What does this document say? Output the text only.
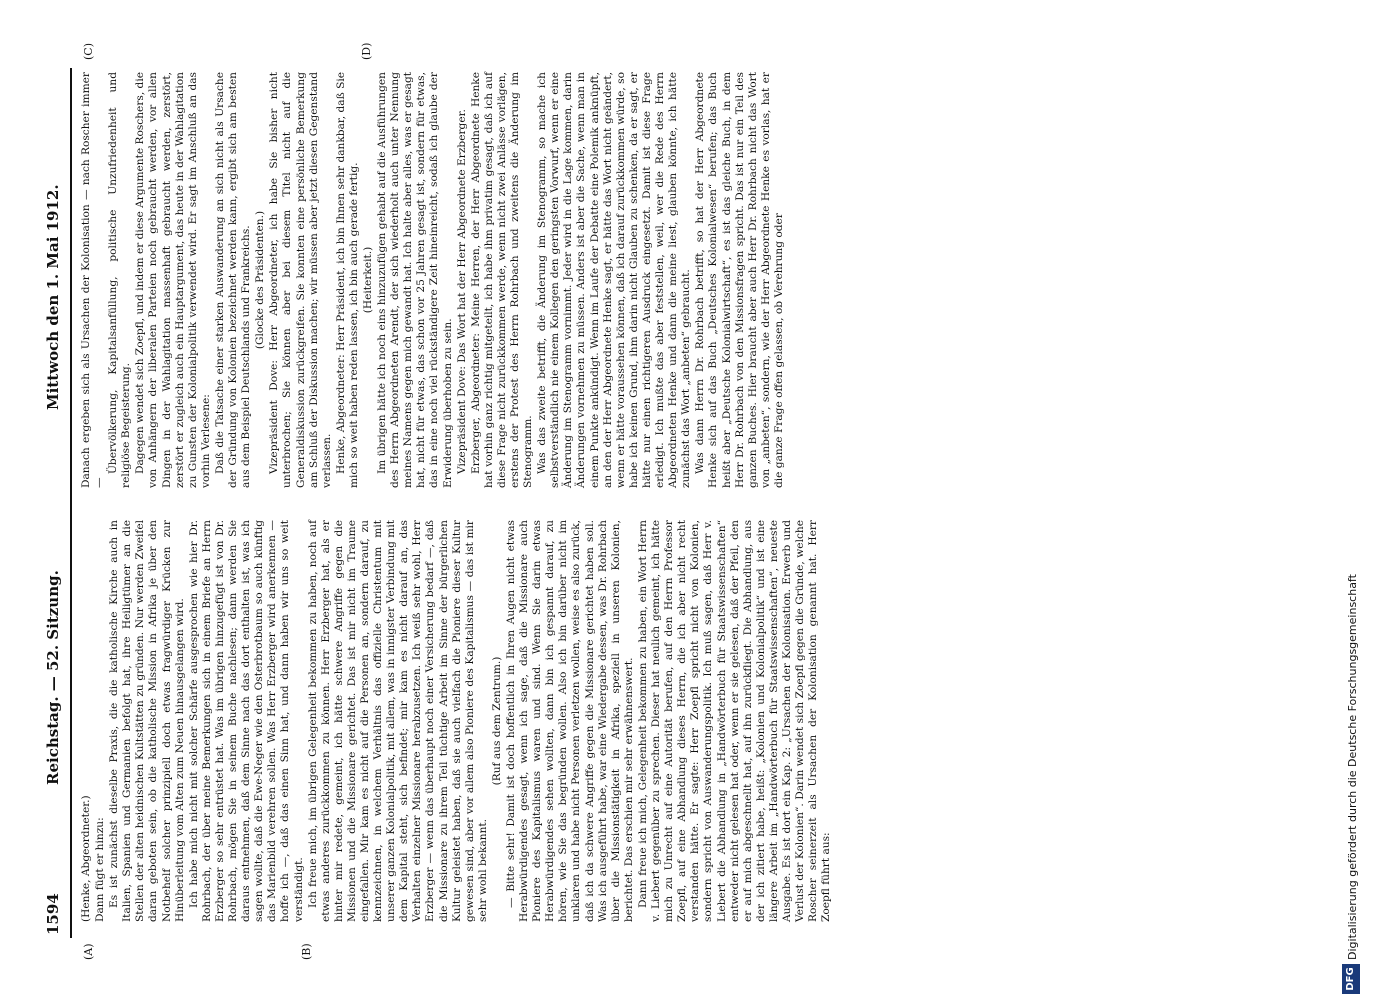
1594
Reichstag. — 52. Sitzung.
Mittwoch den 1. Mai 1912.
(A)	(B)
(C)	(D)

(Henke, Abgeordneter.) Dann fügt er hinzu: Es ist zunächst dieselbe Praxis, die die katholische Kirche auch in Italien, Spanien und Germanien befolgt hat, ihre Heiligtümer an die Stellen der alten heidnischen Kultstätten zu gründen. Nur werden Zweifel daran geboten sein, ob die katholische Mission in Afrika je über den Notbehelf solcher prinzipiell doch etwas fragwürdiger Krücken zur Hinüberleitung vom Alten zum Neuen hinausgelangen wird. Ich habe mich nicht mit solcher Schärfe ausgesprochen wie hier Dr. Rohrbach, der über meine Bemerkungen sich in einem Briefe an Herrn Erzberger so sehr entrüstet hat. Was im übrigen hinzugefügt ist von Dr. Rohrbach, mögen Sie in seinem Buche nachlesen; dann werden Sie daraus entnehmen, daß dem Sinne nach das dort enthalten ist, was ich sagen wollte, daß die Ewe-Neger wie den Osterbrotbaum so auch künftig das Marienbild verehren sollen. Was Herr Erzberger wird anerkennen — hoffe ich —, daß das einen Sinn hat, und dann haben wir uns so weit verständigt. Ich freue mich, im übrigen Gelegenheit bekommen zu haben, noch auf etwas anderes zurückkommen zu können. Herr Erzberger hat, als er hinter mir redete, gemeint, ich hätte schwere Angriffe gegen die Missionen und die Missionare gerichtet. Das ist mir nicht im Traume eingefallen. Mir kam es nicht auf die Personen an, sondern darauf, zu kennzeichnen, in welchem Verhältnis das offizielle Christentum mit unserer ganzen Kolonialpolitik, mit allem, was in innigster Verbindung mit dem Kapital steht, sich befindet; mir kam es nicht darauf an, das Verhalten einzelner Missionare herabzusetzen. Ich weiß sehr wohl, Herr Erzberger — wenn das überhaupt noch einer Versicherung bedarf —, daß die Missionare zu ihrem Teil tüchtige Arbeit im Sinne der bürgerlichen Kultur geleistet haben, daß sie auch vielfach die Pioniere dieser Kultur gewesen sind, aber vor allem also Pioniere des Kapitalismus — das ist mir sehr wohl bekannt.

(Ruf aus dem Zentrum.) — Bitte sehr! Damit ist doch hoffentlich in Ihren Augen nicht etwas Herabwürdigendes gesagt, wenn ich sage, daß die Missionare auch Pioniere des Kapitalismus waren und sind. Wenn Sie darin etwas Herabwürdigendes sehen wollten, dann bin ich gespannt darauf, zu hören, wie Sie das begründen wollen. Also ich bin darüber nicht im unklaren und habe nicht Personen verletzen wollen, weise es also zurück, daß ich da schwere Angriffe gegen die Missionare gerichtet haben soll. Was ich ausgeführt habe, war eine Wiedergabe dessen, was Dr. Rohrbach über die Missionstätigkeit in Afrika, speziell in unseren Kolonien, berichtet. Das erschien mir sehr erwähnenswert. Dann freue ich mich, Gelegenheit bekommen zu haben, ein Wort Herrn v. Liebert gegenüber zu sprechen. Dieser hat neulich gemeint, ich hätte mich zu Unrecht auf eine Autorität berufen, auf den Herrn Professor Zoepfl, auf eine Abhandlung dieses Herrn, die ich aber nicht recht verstanden hätte. Er sagte: Herr Zoepfl spricht nicht von Kolonien, sondern spricht von Auswanderungspolitik. Ich muß sagen, daß Herr v. Liebert die Abhandlung in „Handwörterbuch für Staatswissenschaften“ entweder nicht gelesen hat oder, wenn er sie gelesen, daß der Pfeil, den er auf mich abgeschnellt hat, auf ihn zurückfliegt. Die Abhandlung, aus der ich zitiert habe, heißt: „Kolonien und Kolonialpolitik“ und ist eine längere Arbeit im „Handwörterbuch für Staatswissenschaften“, neueste Ausgabe. Es ist dort ein Kap. 2: „Ursachen der Kolonisation. Erwerb und Verlust der Kolonien“. Darin wendet sich Zoepfl gegen die Gründe, welche Roscher seinerzeit als Ursachen der Kolonisation genannt hat. Herr Zoepfl führt aus:

Danach ergeben sich als Ursachen der Kolonisation — nach Roscher immer —

Übervölkerung, Kapitalsanfüllung, politische Unzufriedenheit und religiöse Begeisterung. Dagegen wendet sich Zoepfl, und indem er diese Argumente Roschers, die von Anhängern der liberalen Parteien noch gebraucht werden, vor allen Dingen in der Wahlagitation massenhaft gebraucht werden, zerstört, zerstört er zugleich auch ein Hauptargument, das heute in der Wahlagitation zu Gunsten der Kolonialpolitik verwendet wird. Er sagt im Anschluß an das vorhin Verlesene: Daß die Tatsache einer starken Auswanderung an sich nicht als Ursache der Gründung von Kolonien bezeichnet werden kann, ergibt sich am besten aus dem Beispiel Deutschlands und Frankreichs. (Glocke des Präsidenten.) Vizepräsident Dove: Herr Abgeordneter, ich habe Sie bisher nicht unterbrochen; Sie können aber bei diesem Titel nicht auf die Generaldiskussion zurückgreifen. Sie konnten eine persönliche Bemerkung am Schluß der Diskussion machen; wir müssen aber jetzt diesen Gegenstand verlassen. Henke, Abgeordneter: Herr Präsident, ich bin Ihnen sehr dankbar, daß Sie mich so weit haben reden lassen, ich bin auch gerade fertig. (Heiterkeit.) Im übrigen hätte ich noch eins hinzuzufügen gehabt auf die Ausführungen des Herrn Abgeordneten Arendt, der sich wiederholt auch unter Nennung meines Namens gegen mich gewandt hat. Ich halte aber alles, was er gesagt hat, nicht für etwas, das schon vor 25 Jahren gesagt ist, sondern für etwas, das in eine noch viel rückständigere Zeit hineinreicht, sodaß ich glaube der Erwiderung überhoben zu sein. Vizepräsident Dove: Das Wort hat der Herr Abgeordnete Erzberger. Erzberger, Abgeordneter: Meine Herren, der Herr Abgeordnete Henke hat vorhin ganz richtig mitgeteilt, ich habe ihm privatim gesagt, daß ich auf diese Frage nicht zurückkommen werde, wenn nicht zwei Anlässe vorlägen, erstens der Protest des Herrn Rohrbach und zweitens die Änderung im Stenogramm. Was das zweite betrifft, die Änderung im Stenogramm, so mache ich selbstverständlich nie einem Kollegen den geringsten Vorwurf, wenn er eine Änderung im Stenogramm vornimmt. Jeder wird in die Lage kommen, darin Änderungen vornehmen zu müssen. Anders ist aber die Sache, wenn man in einem Punkte ankündigt. Wenn im Laufe der Debatte eine Polemik anknüpft, an den der Herr Abgeordnete Henke sagt, er hätte das Wort nicht geändert, wenn er hätte voraussehen können, daß ich darauf zurückkommen würde, so habe ich keinen Grund, ihm darin nicht Glauben zu schenken, da er sagt, er hätte nur einen richtigeren Ausdruck eingesetzt. Damit ist diese Frage erledigt. Ich mußte das aber feststellen, weil, wer die Rede des Herrn Abgeordneten Henke und dann die meine liest, glauben könnte, ich hätte zunächst das Wort „anbeten“ gebraucht. Was dann Herrn Dr. Rohrbach betrifft, so hat der Herr Abgeordnete Henke sich auf das Buch „Deutsches Kolonialwesen“ berufen; das Buch heißt aber „Deutsche Kolonialwirtschaft“, es ist das gleiche Buch, in dem Herr Dr. Rohrbach von den Missionsfragen spricht. Das ist nur ein Teil des ganzen Buches. Hier braucht aber auch Herr Dr. Rohrbach nicht das Wort von „anbeten“, sondern, wie der Herr Abgeordnete Henke es vorlas, hat er die ganze Frage offen gelassen, ob Verehrung oder

DFG
Digitalisierung gefördert durch die Deutsche Forschungsgemeinschaft
